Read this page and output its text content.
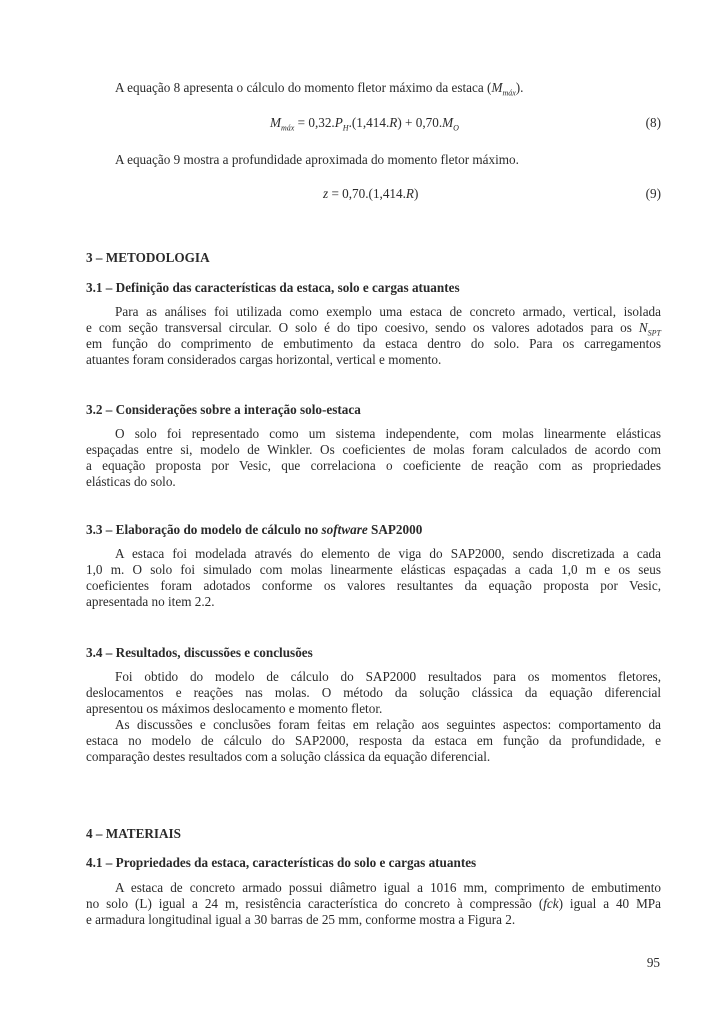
A equação 8 apresenta o cálculo do momento fletor máximo da estaca $(M_{máx})$.
$M_{máx} = 0,32.P_H.(1,414.R) + 0,70.M_O$	(8)
A equação 9 mostra a profundidade aproximada do momento fletor máximo.
z = 0,70.(1,414.R)	(9)
3 – METODOLOGIA
3.1 – Definição das características da estaca, solo e cargas atuantes
Para as análises foi utilizada como exemplo uma estaca de concreto armado, vertical, isolada
e com seção transversal circular. O solo é do tipo coesivo, sendo os valores adotados para os $N_{SPT}$
em função do comprimento de embutimento da estaca dentro do solo. Para os carregamentos
atuantes foram considerados cargas horizontal, vertical e momento.
3.2 – Considerações sobre a interação solo-estaca
O solo foi representado como um sistema independente, com molas linearmente elásticas
espaçadas entre si, modelo de Winkler. Os coeficientes de molas foram calculados de acordo com
a equação proposta por Vesic, que correlaciona o coeficiente de reação com as propriedades
elásticas do solo.
3.3 – Elaboração do modelo de cálculo no software SAP2000
A estaca foi modelada através do elemento de viga do SAP2000, sendo discretizada a cada
1,0 m. O solo foi simulado com molas linearmente elásticas espaçadas a cada 1,0 m e os seus
coeficientes foram adotados conforme os valores resultantes da equação proposta por Vesic,
apresentada no item 2.2.
3.4 – Resultados, discussões e conclusões
Foi obtido do modelo de cálculo do SAP2000 resultados para os momentos fletores,
deslocamentos e reações nas molas. O método da solução clássica da equação diferencial
apresentou os máximos deslocamento e momento fletor.
As discussões e conclusões foram feitas em relação aos seguintes aspectos: comportamento da
estaca no modelo de cálculo do SAP2000, resposta da estaca em função da profundidade, e
comparação destes resultados com a solução clássica da equação diferencial.
4 – MATERIAIS
4.1 – Propriedades da estaca, características do solo e cargas atuantes
A estaca de concreto armado possui diâmetro igual a 1016 mm, comprimento de embutimento
no solo (L) igual a 24 m, resistência característica do concreto à compressão (fck) igual a 40 MPa
e armadura longitudinal igual a 30 barras de 25 mm, conforme mostra a Figura 2.
95
